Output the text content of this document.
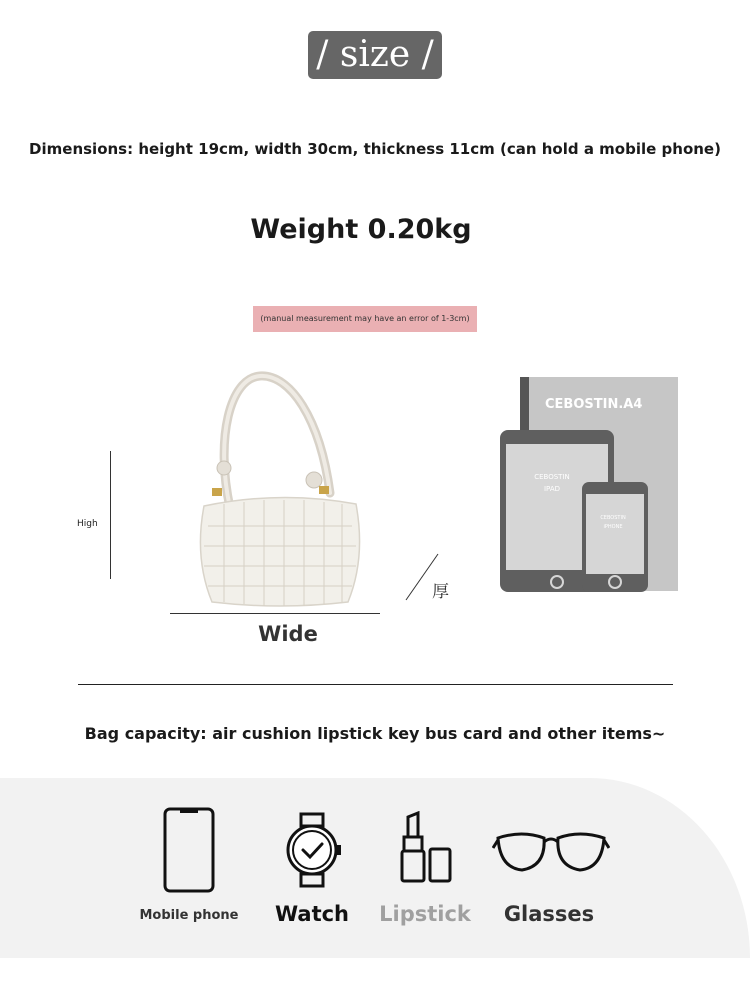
/ size /
Dimensions: height 19cm, width 30cm, thickness 11cm (can hold a mobile phone)
Weight 0.20kg
(manual measurement may have an error of 1-3cm)
High
Wide
厚
CEBOSTIN.A4
CEBOSTIN
IPAD
CEBOSTIN
iPHONE
Bag capacity: air cushion lipstick key bus card and other items~
Mobile phone	Watch	Lipstick	Glasses
